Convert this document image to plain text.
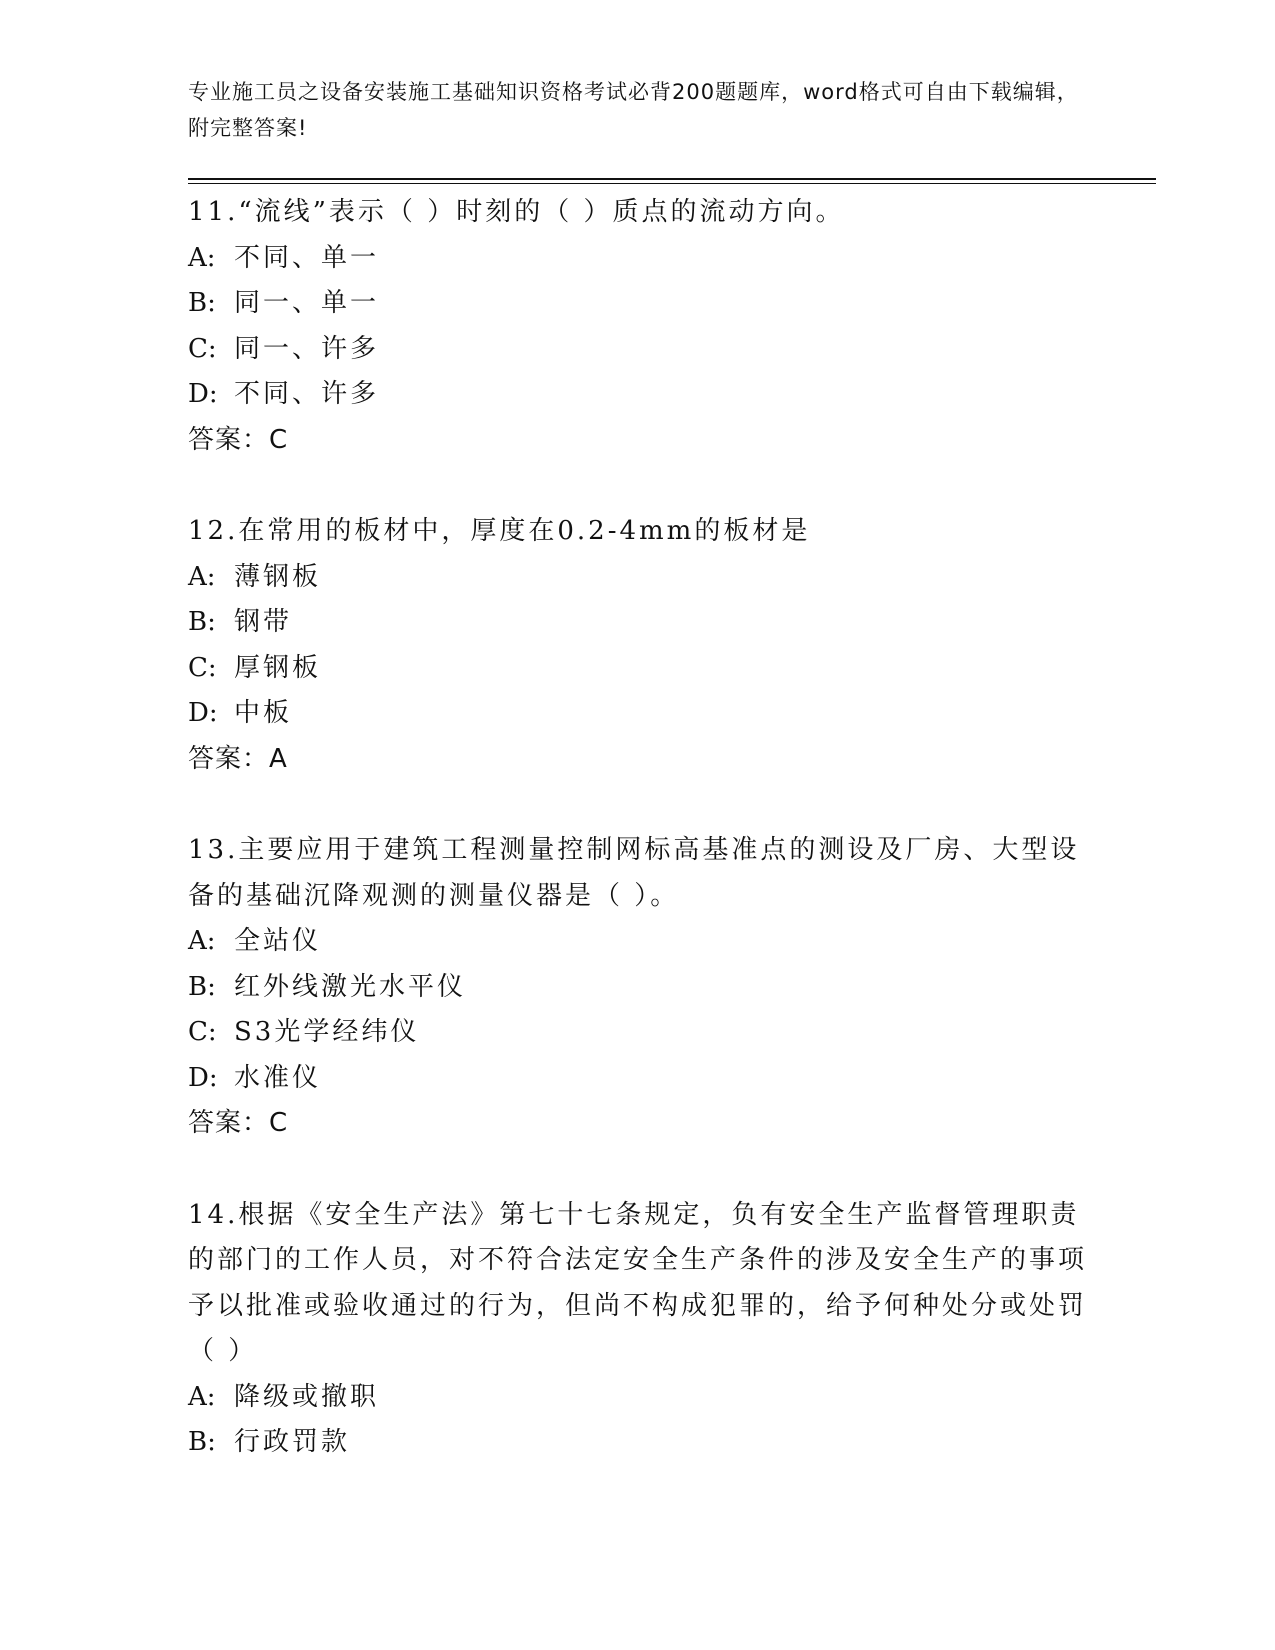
专业施工员之设备安装施工基础知识资格考试必背200题题库，word格式可自由下载编辑，附完整答案!
11.“流线”表示（ ）时刻的（ ）质点的流动方向。
A: 不同、单一
B: 同一、单一
C: 同一、许多
D: 不同、许多
答案：C
12.在常用的板材中，厚度在0.2-4mm的板材是
A: 薄钢板
B: 钢带
C: 厚钢板
D: 中板
答案：A
13.主要应用于建筑工程测量控制网标高基准点的测设及厂房、大型设备的基础沉降观测的测量仪器是（ ）。
A: 全站仪
B: 红外线激光水平仪
C: S3光学经纬仪
D: 水准仪
答案：C
14.根据《安全生产法》第七十七条规定，负有安全生产监督管理职责的部门的工作人员，对不符合法定安全生产条件的涉及安全生产的事项予以批准或验收通过的行为，但尚不构成犯罪的，给予何种处分或处罚（ ）
A: 降级或撤职
B: 行政罚款
